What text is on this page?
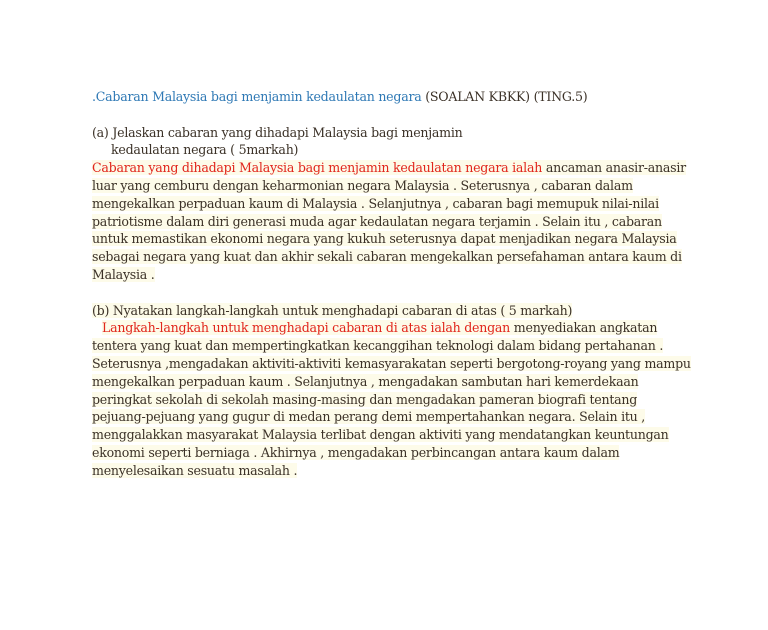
.Cabaran Malaysia bagi menjamin kedaulatan negara (SOALAN KBKK) (TING.5)
(a) Jelaskan cabaran yang dihadapi Malaysia bagi menjamin
kedaulatan negara ( 5markah)
Cabaran yang dihadapi Malaysia bagi menjamin kedaulatan negara ialah ancaman anasir-anasir
luar yang cemburu dengan keharmonian negara Malaysia . Seterusnya , cabaran dalam
mengekalkan perpaduan kaum di Malaysia . Selanjutnya , cabaran bagi memupuk nilai-nilai
patriotisme dalam diri generasi muda agar kedaulatan negara terjamin . Selain itu , cabaran
untuk memastikan ekonomi negara yang kukuh seterusnya dapat menjadikan negara Malaysia
sebagai negara yang kuat dan akhir sekali cabaran mengekalkan persefahaman antara kaum di
Malaysia .
(b) Nyatakan langkah-langkah untuk menghadapi cabaran di atas ( 5 markah)
Langkah-langkah untuk menghadapi cabaran di atas ialah dengan menyediakan angkatan
tentera yang kuat dan mempertingkatkan kecanggihan teknologi dalam bidang pertahanan .
Seterusnya ,mengadakan aktiviti-aktiviti kemasyarakatan seperti bergotong-royang yang mampu
mengekalkan perpaduan kaum . Selanjutnya , mengadakan sambutan hari kemerdekaan
peringkat sekolah di sekolah masing-masing dan mengadakan pameran biografi tentang
pejuang-pejuang yang gugur di medan perang demi mempertahankan negara. Selain itu ,
menggalakkan masyarakat Malaysia terlibat dengan aktiviti yang mendatangkan keuntungan
ekonomi seperti berniaga . Akhirnya , mengadakan perbincangan antara kaum dalam
menyelesaikan sesuatu masalah .
